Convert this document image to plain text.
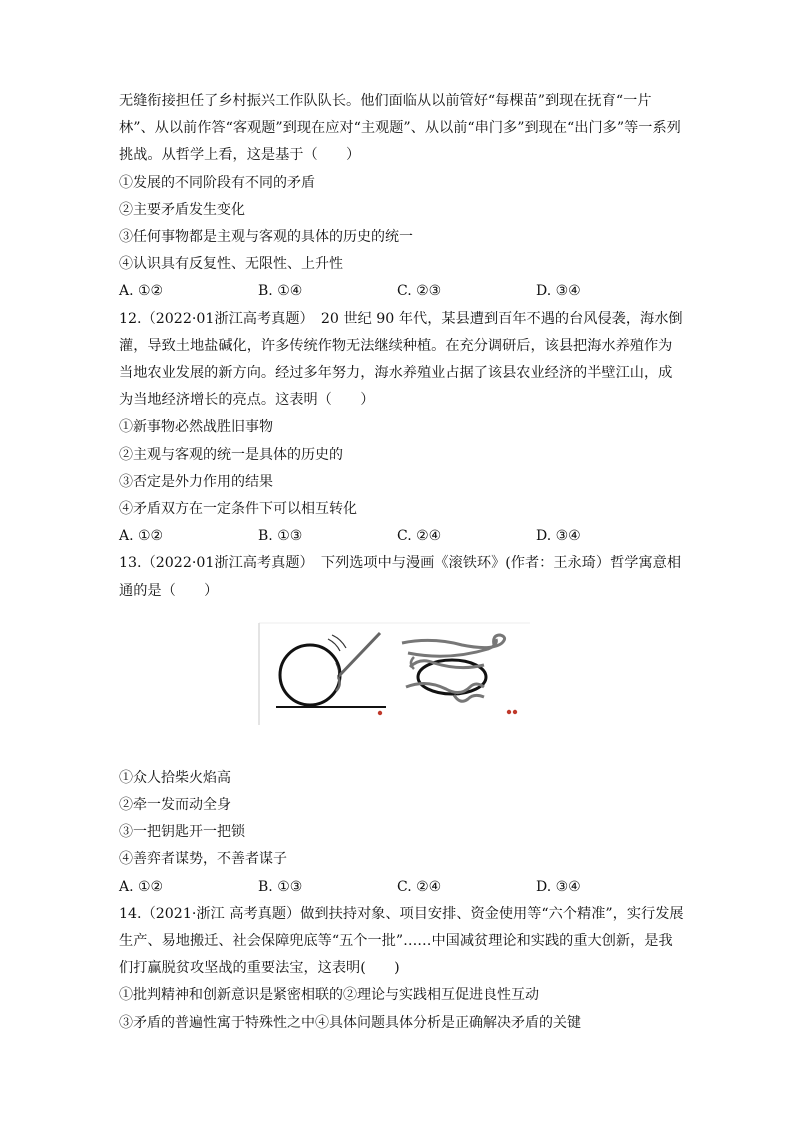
无缝衔接担任了乡村振兴工作队队长。他们面临从以前管好“每棵苗”到现在抚育“一片

林”、从以前作答“客观题”到现在应对“主观题”、从以前“串门多”到现在“出门多”等一系列

挑战。从哲学上看，这是基于（　　）

①发展的不同阶段有不同的矛盾

②主要矛盾发生变化

③任何事物都是主观与客观的具体的历史的统一

④认识具有反复性、无限性、上升性

A. ①②	B. ①④	C. ②③	D. ③④

12.（2022·01浙江高考真题）　20 世纪 90 年代，某县遭到百年不遇的台风侵袭，海水倒

灌，导致土地盐碱化，许多传统作物无法继续种植。在充分调研后，该县把海水养殖作为

当地农业发展的新方向。经过多年努力，海水养殖业占据了该县农业经济的半壁江山，成

为当地经济增长的亮点。这表明（　　）

①新事物必然战胜旧事物

②主观与客观的统一是具体的历史的

③否定是外力作用的结果

④矛盾双方在一定条件下可以相互转化

A. ①②	B. ①③	C. ②④	D. ③④

13.（2022·01浙江高考真题）　下列选项中与漫画《滚铁环》(作者：王永琦）哲学寓意相

通的是（　　）

①众人拾柴火焰高

②牵一发而动全身

③一把钥匙开一把锁

④善弈者谋势，不善者谋子

A. ①②	B. ①③	C. ②④	D. ③④

14.（2021·浙江 高考真题）做到扶持对象、项目安排、资金使用等“六个精准”，实行发展

生产、易地搬迁、社会保障兜底等“五个一批”……中国减贫理论和实践的重大创新，是我

们打赢脱贫攻坚战的重要法宝，这表明(　　)

①批判精神和创新意识是紧密相联的②理论与实践相互促进良性互动

③矛盾的普遍性寓于特殊性之中④具体问题具体分析是正确解决矛盾的关键
